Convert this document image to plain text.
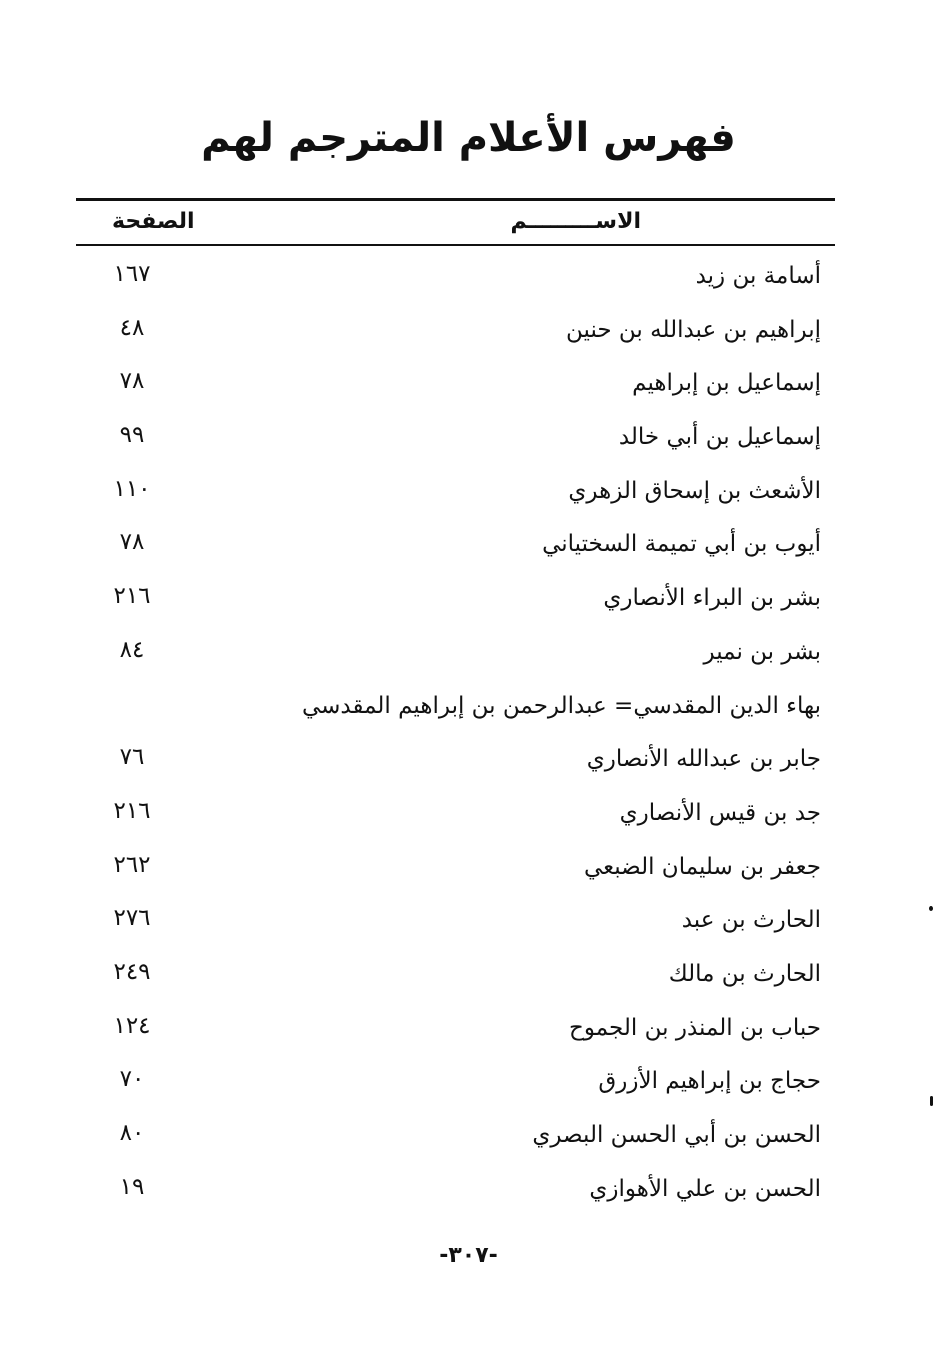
فهرس الأعلام المترجم لهم
الاســـــــــم
الصفحة
أسامة بن زيد
١٦٧
إبراهيم بن عبدالله بن حنين
٤٨
إسماعيل بن إبراهيم
٧٨
إسماعيل بن أبي خالد
٩٩
الأشعث بن إسحاق الزهري
١١٠
أيوب بن أبي تميمة السختياني
٧٨
بشر بن البراء الأنصاري
٢١٦
بشر بن نمير
٨٤
بهاء الدين المقدسي= عبدالرحمن بن إبراهيم المقدسي
جابر بن عبدالله الأنصاري
٧٦
جد بن قيس الأنصاري
٢١٦
جعفر بن سليمان الضبعي
٢٦٢
الحارث بن عبد
٢٧٦
الحارث بن مالك
٢٤٩
حباب بن المنذر بن الجموح
١٢٤
حجاج بن إبراهيم الأزرق
٧٠
الحسن بن أبي الحسن البصري
٨٠
الحسن بن علي الأهوازي
١٩
-٣٠٧-
